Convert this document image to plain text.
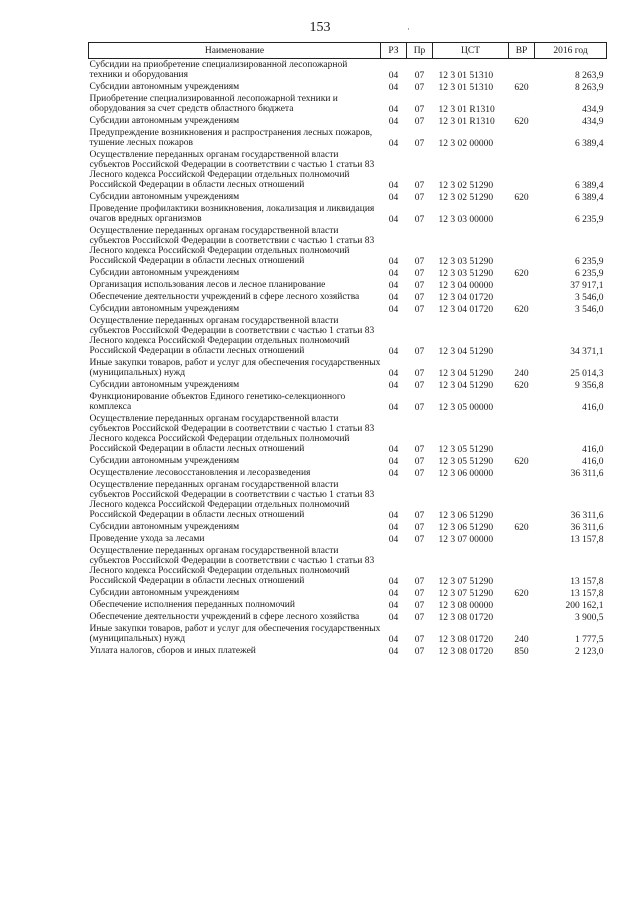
153	·
Наименование	РЗ	Пр	ЦСТ	ВР	2016 год
Субсидии на приобретение специализированной лесопожарной техники и оборудования	04	07	12 3 01 51310		8 263,9
Субсидии автономным учреждениям	04	07	12 3 01 51310	620	8 263,9
Приобретение специализированной лесопожарной техники и оборудования за счет средств областного бюджета	04	07	12 3 01 R1310		434,9
Субсидии автономным учреждениям	04	07	12 3 01 R1310	620	434,9
Предупреждение возникновения и распространения лесных пожаров, тушение лесных пожаров	04	07	12 3 02 00000		6 389,4
Осуществление переданных органам государственной власти субъектов Российской Федерации в соответствии с частью 1 статьи 83 Лесного кодекса Российской Федерации отдельных полномочий Российской Федерации в области лесных отношений	04	07	12 3 02 51290		6 389,4
Субсидии автономным учреждениям	04	07	12 3 02 51290	620	6 389,4
Проведение профилактики возникновения, локализация и ликвидация очагов вредных организмов	04	07	12 3 03 00000		6 235,9
Осуществление переданных органам государственной власти субъектов Российской Федерации в соответствии с частью 1 статьи 83 Лесного кодекса Российской Федерации отдельных полномочий Российской Федерации в области лесных отношений	04	07	12 3 03 51290		6 235,9
Субсидии автономным учреждениям	04	07	12 3 03 51290	620	6 235,9
Организация использования лесов и лесное планирование	04	07	12 3 04 00000		37 917,1
Обеспечение деятельности учреждений в сфере лесного хозяйства	04	07	12 3 04 01720		3 546,0
Субсидии автономным учреждениям	04	07	12 3 04 01720	620	3 546,0
Осуществление переданных органам государственной власти субъектов Российской Федерации в соответствии с частью 1 статьи 83 Лесного кодекса Российской Федерации отдельных полномочий Российской Федерации в области лесных отношений	04	07	12 3 04 51290		34 371,1
Иные закупки товаров, работ и услуг для обеспечения государственных (муниципальных) нужд	04	07	12 3 04 51290	240	25 014,3
Субсидии автономным учреждениям	04	07	12 3 04 51290	620	9 356,8
Функционирование объектов Единого генетико-селекционного комплекса	04	07	12 3 05 00000		416,0
Осуществление переданных органам государственной власти субъектов Российской Федерации в соответствии с частью 1 статьи 83 Лесного кодекса Российской Федерации отдельных полномочий Российской Федерации в области лесных отношений	04	07	12 3 05 51290		416,0
Субсидии автономным учреждениям	04	07	12 3 05 51290	620	416,0
Осуществление лесовосстановления и лесоразведения	04	07	12 3 06 00000		36 311,6
Осуществление переданных органам государственной власти субъектов Российской Федерации в соответствии с частью 1 статьи 83 Лесного кодекса Российской Федерации отдельных полномочий Российской Федерации в области лесных отношений	04	07	12 3 06 51290		36 311,6
Субсидии автономным учреждениям	04	07	12 3 06 51290	620	36 311,6
Проведение ухода за лесами	04	07	12 3 07 00000		13 157,8
Осуществление переданных органам государственной власти субъектов Российской Федерации в соответствии с частью 1 статьи 83 Лесного кодекса Российской Федерации отдельных полномочий Российской Федерации в области лесных отношений	04	07	12 3 07 51290		13 157,8
Субсидии автономным учреждениям	04	07	12 3 07 51290	620	13 157,8
Обеспечение исполнения переданных полномочий	04	07	12 3 08 00000		200 162,1
Обеспечение деятельности учреждений в сфере лесного хозяйства	04	07	12 3 08 01720		3 900,5
Иные закупки товаров, работ и услуг для обеспечения государственных (муниципальных) нужд	04	07	12 3 08 01720	240	1 777,5
Уплата налогов, сборов и иных платежей	04	07	12 3 08 01720	850	2 123,0
